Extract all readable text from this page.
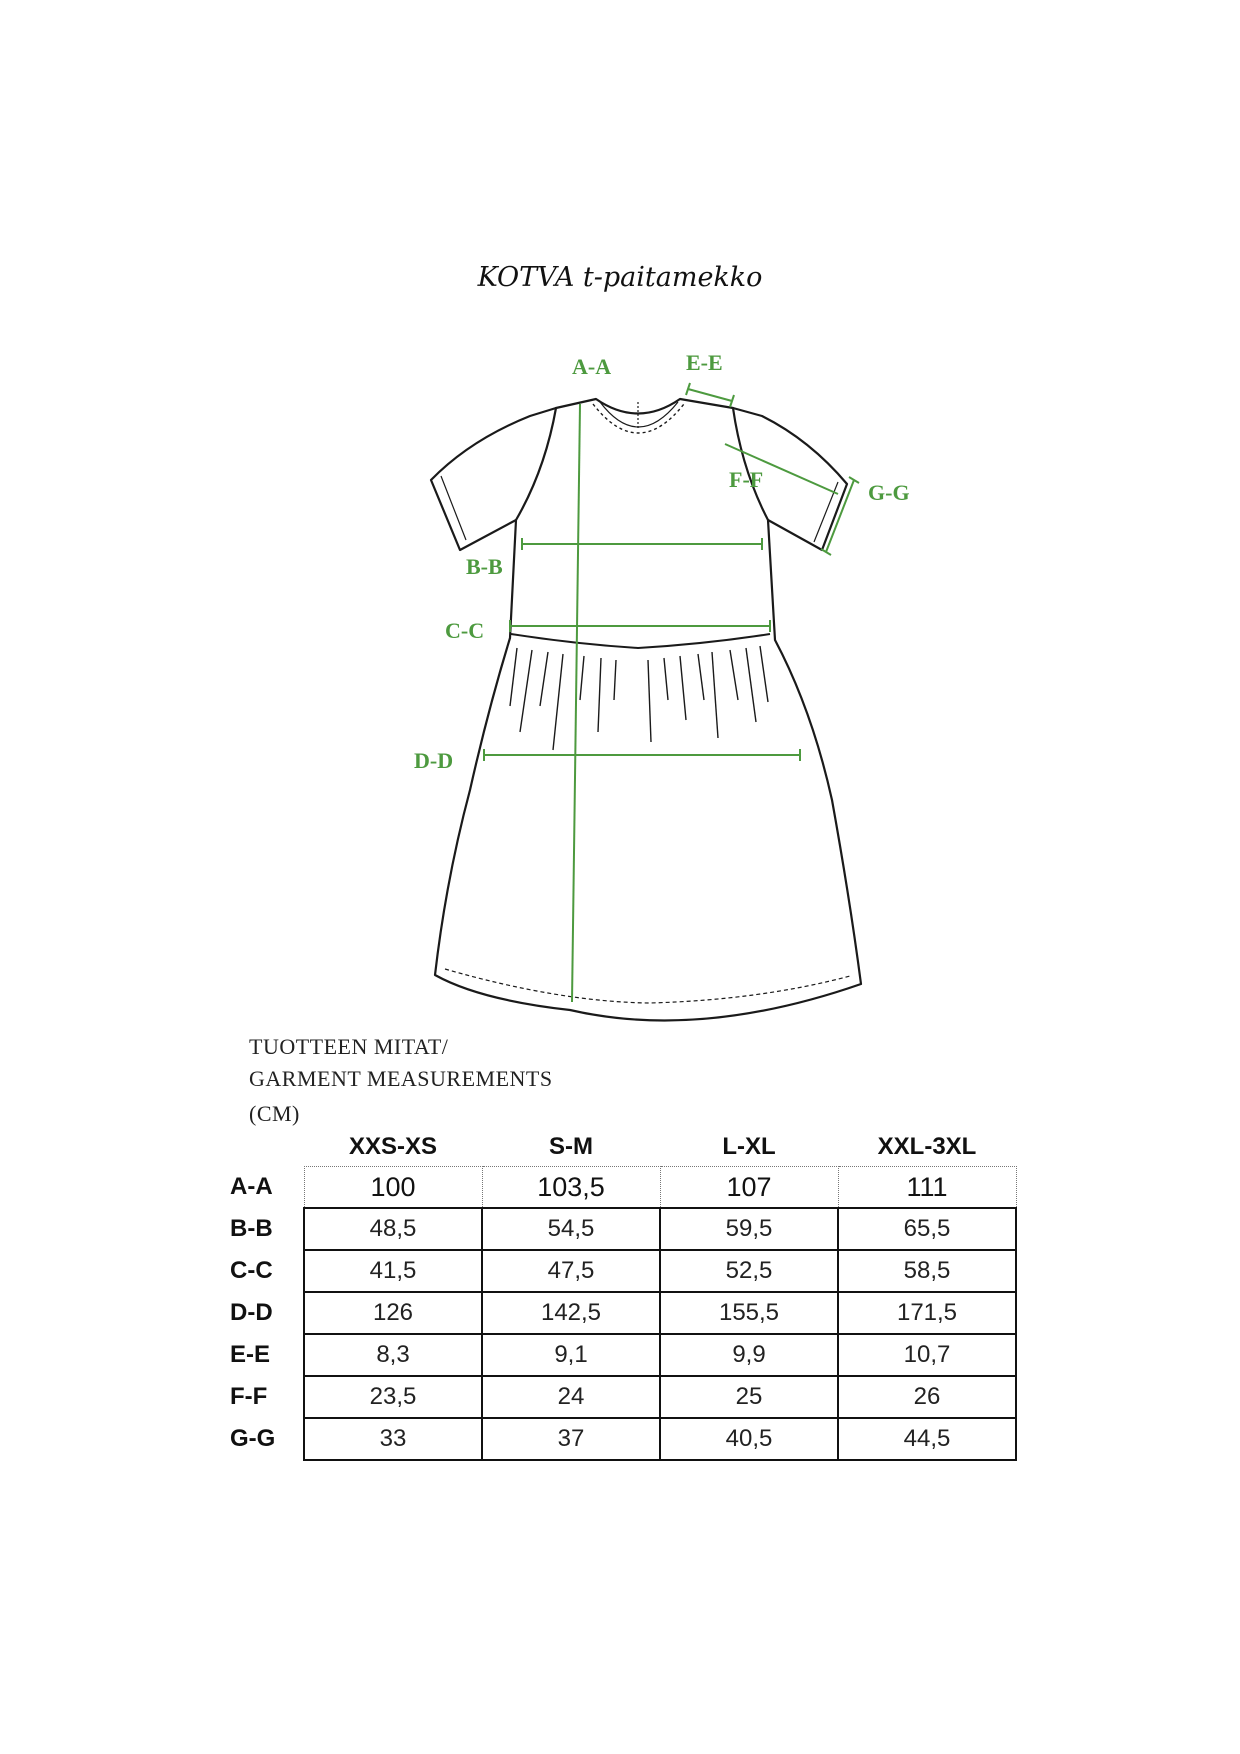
KOTVA t-paitamekko
A-A	E-E
F-F
G-G
B-B
C-C
D-D
TUOTTEEN MITAT/
GARMENT MEASUREMENTS
(CM)
	XXS-XS	S-M	L-XL	XXL-3XL
A-A	100	103,5	107	111
B-B	48,5	54,5	59,5	65,5
C-C	41,5	47,5	52,5	58,5
D-D	126	142,5	155,5	171,5
E-E	8,3	9,1	9,9	10,7
F-F	23,5	24	25	26
G-G	33	37	40,5	44,5
